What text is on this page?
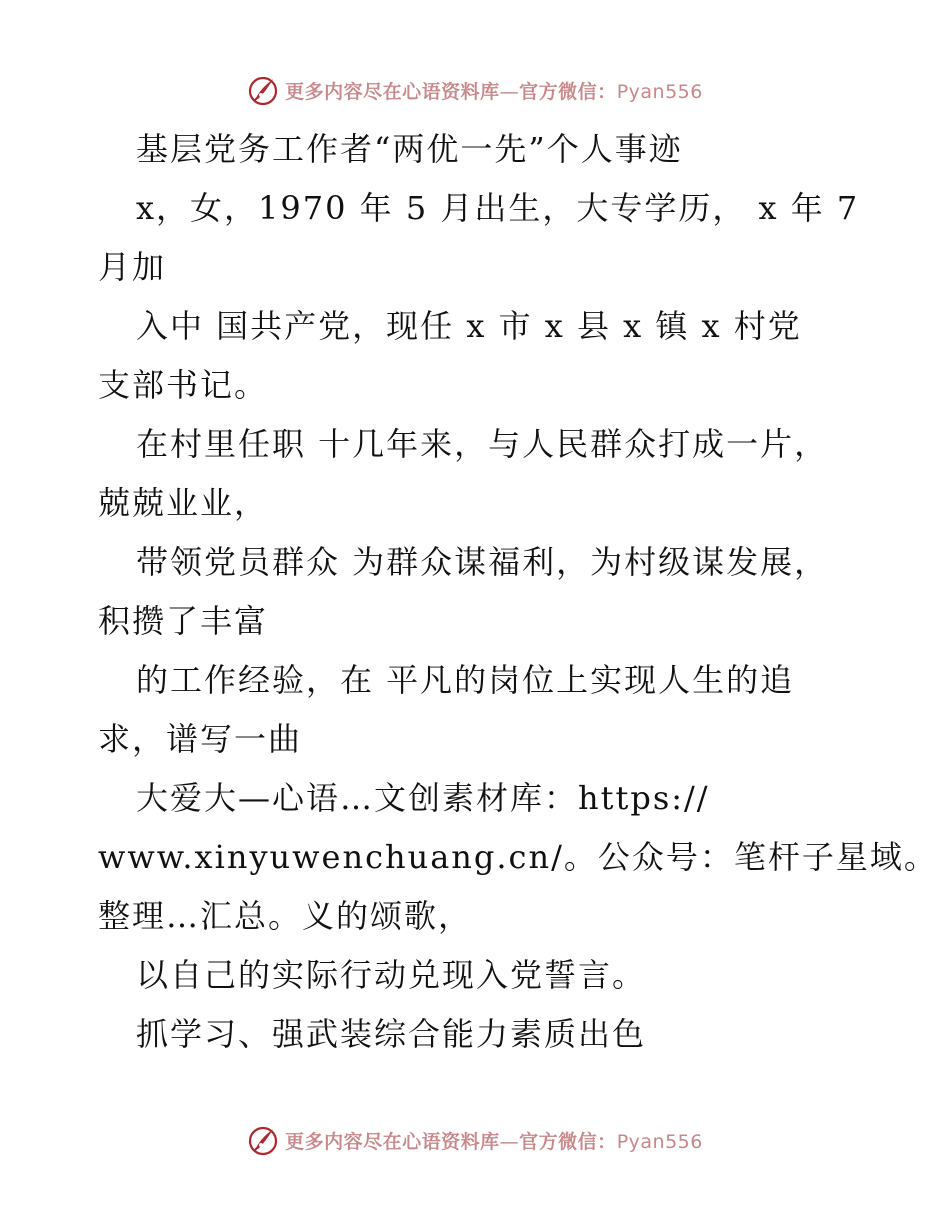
更多内容尽在心语资料库—官方微信：Pyan556
基层党务工作者“两优一先”个人事迹
x，女，1970 年 5 月出生，大专学历， x 年 7
月加
入中 国共产党，现任 x 市 x 县 x 镇 x 村党
支部书记。
在村里任职 十几年来，与人民群众打成一片，
兢兢业业，
带领党员群众 为群众谋福利，为村级谋发展，
积攒了丰富
的工作经验，在 平凡的岗位上实现人生的追
求，谱写一曲
大爱大—心语…文创素材库：https://
www.xinyuwenchuang.cn/。公众号：笔杆子星域。
整理…汇总。义的颂歌，
以自己的实际行动兑现入党誓言。
抓学习、强武装综合能力素质出色
更多内容尽在心语资料库—官方微信：Pyan556
